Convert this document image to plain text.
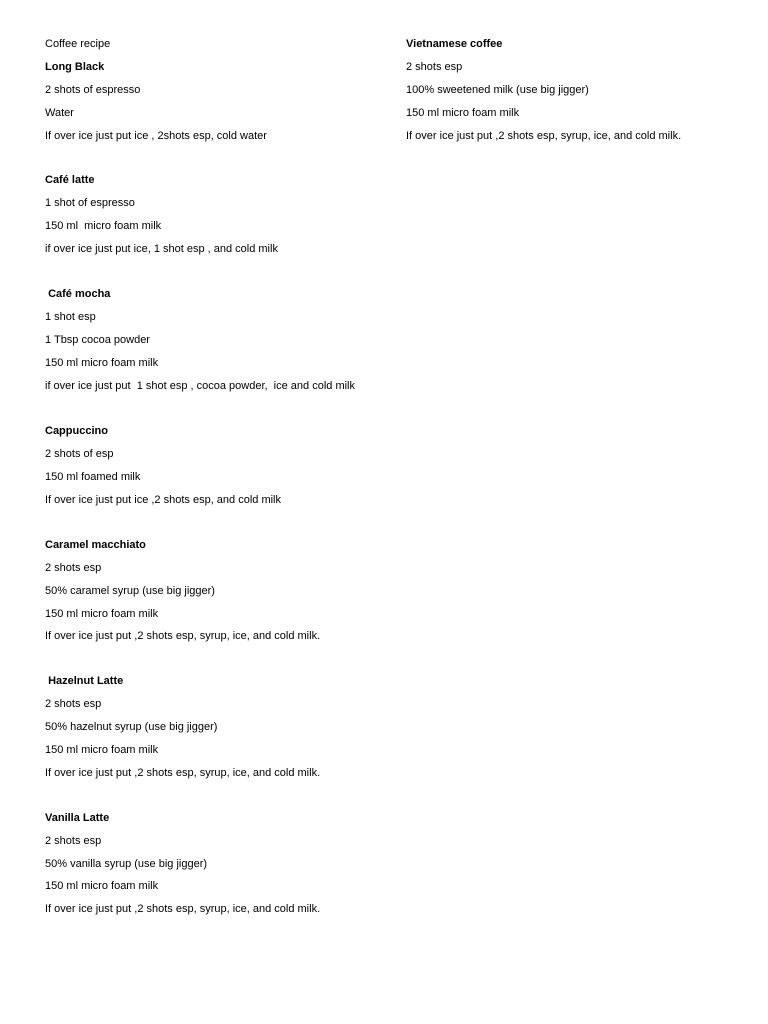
Coffee recipe
Long Black
2 shots of espresso
Water
If over ice just put ice , 2shots esp, cold water
Café latte
1 shot of espresso
150 ml  micro foam milk
if over ice just put ice, 1 shot esp , and cold milk
Café mocha
1 shot esp
1 Tbsp cocoa powder
150 ml micro foam milk
if over ice just put  1 shot esp , cocoa powder,  ice and cold milk
Cappuccino
2 shots of esp
150 ml foamed milk
If over ice just put ice ,2 shots esp, and cold milk
Caramel macchiato
2 shots esp
50% caramel syrup (use big jigger)
150 ml micro foam milk
If over ice just put ,2 shots esp, syrup, ice, and cold milk.
Hazelnut Latte
2 shots esp
50% hazelnut syrup (use big jigger)
150 ml micro foam milk
If over ice just put ,2 shots esp, syrup, ice, and cold milk.
Vanilla Latte
2 shots esp
50% vanilla syrup (use big jigger)
150 ml micro foam milk
If over ice just put ,2 shots esp, syrup, ice, and cold milk.
Vietnamese coffee
2 shots esp
100% sweetened milk (use big jigger)
150 ml micro foam milk
If over ice just put ,2 shots esp, syrup, ice, and cold milk.
